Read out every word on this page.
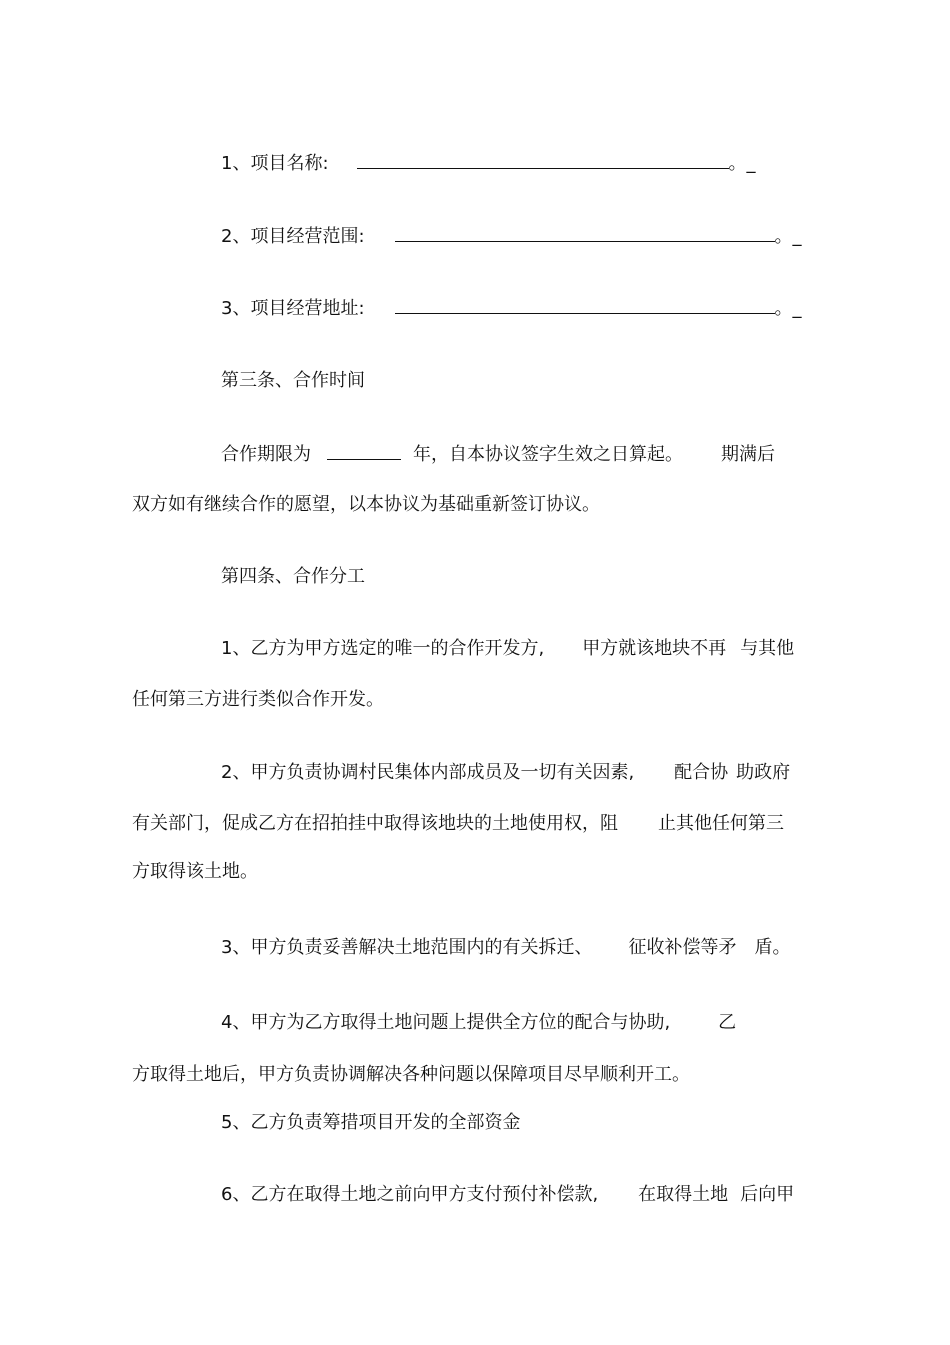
1、项目名称:	。_

2、项目经营范围:	。_

3、项目经营地址:	。_

第三条、合作时间

合作期限为	年，自本协议签字生效之日算起。 期满后

双方如有继续合作的愿望，以本协议为基础重新签订协议。

第四条、合作分工

1、乙方为甲方选定的唯一的合作开发方, 甲方就该地块不再 与其他

任何第三方进行类似合作开发。

2、甲方负责协调村民集体内部成员及一切有关因素, 配合协 助政府

有关部门，促成乙方在招拍挂中取得该地块的土地使用权，阻 止其他任何第三

方取得该土地。

3、甲方负责妥善解决土地范围内的有关拆迁、 征收补偿等矛 盾。

4、甲方为乙方取得土地问题上提供全方位的配合与协助,	乙

方取得土地后，甲方负责协调解决各种问题以保障项目尽早顺利开工。

5、乙方负责筹措项目开发的全部资金

6、乙方在取得土地之前向甲方支付预付补偿款, 在取得土地 后向甲
